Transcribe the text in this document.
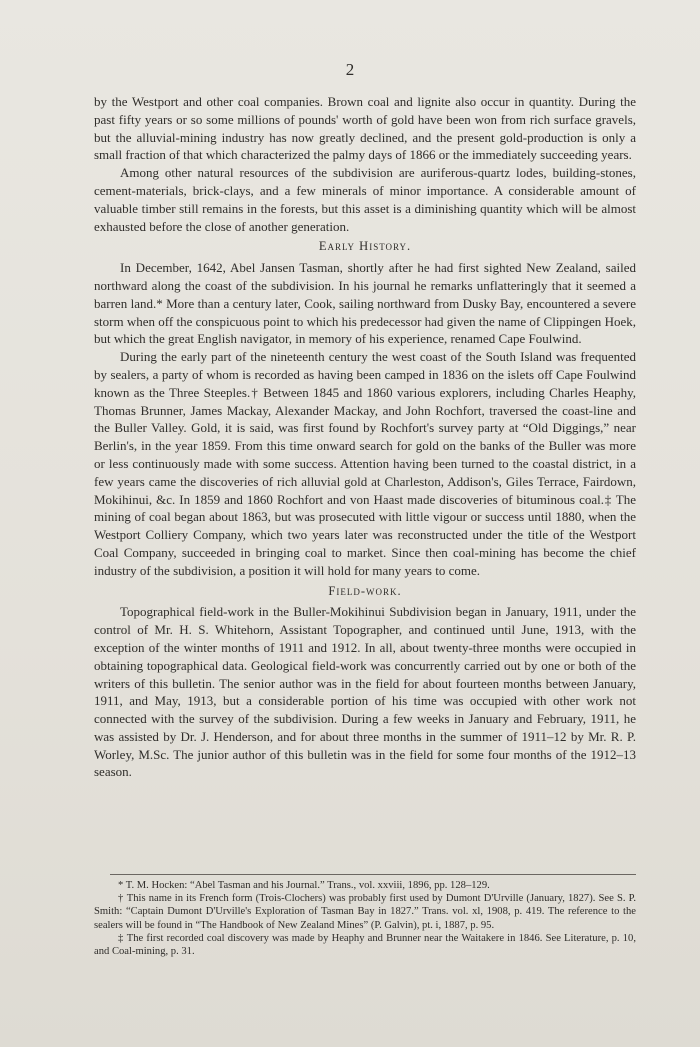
2

by the Westport and other coal companies. Brown coal and lignite also occur in quantity. During the past fifty years or so some millions of pounds' worth of gold have been won from rich surface gravels, but the alluvial-mining industry has now greatly declined, and the present gold-production is only a small fraction of that which characterized the palmy days of 1866 or the immediately succeeding years.

Among other natural resources of the subdivision are auriferous-quartz lodes, building-stones, cement-materials, brick-clays, and a few minerals of minor importance. A considerable amount of valuable timber still remains in the forests, but this asset is a diminishing quantity which will be almost exhausted before the close of another generation.

Early History.

In December, 1642, Abel Jansen Tasman, shortly after he had first sighted New Zealand, sailed northward along the coast of the subdivision. In his journal he remarks unflatteringly that it seemed a barren land.* More than a century later, Cook, sailing northward from Dusky Bay, encountered a severe storm when off the conspicuous point to which his predecessor had given the name of Clippingen Hoek, but which the great English navigator, in memory of his experience, renamed Cape Foulwind.

During the early part of the nineteenth century the west coast of the South Island was frequented by sealers, a party of whom is recorded as having been camped in 1836 on the islets off Cape Foulwind known as the Three Steeples.† Between 1845 and 1860 various explorers, including Charles Heaphy, Thomas Brunner, James Mackay, Alexander Mackay, and John Rochfort, traversed the coast-line and the Buller Valley. Gold, it is said, was first found by Rochfort's survey party at “Old Diggings,” near Berlin's, in the year 1859. From this time onward search for gold on the banks of the Buller was more or less continuously made with some success. Attention having been turned to the coastal district, in a few years came the discoveries of rich alluvial gold at Charleston, Addison's, Giles Terrace, Fairdown, Mokihinui, &c. In 1859 and 1860 Rochfort and von Haast made discoveries of bituminous coal.‡ The mining of coal began about 1863, but was prosecuted with little vigour or success until 1880, when the Westport Colliery Company, which two years later was reconstructed under the title of the Westport Coal Company, succeeded in bringing coal to market. Since then coal-mining has become the chief industry of the subdivision, a position it will hold for many years to come.

Field-work.

Topographical field-work in the Buller-Mokihinui Subdivision began in January, 1911, under the control of Mr. H. S. Whitehorn, Assistant Topographer, and continued until June, 1913, with the exception of the winter months of 1911 and 1912. In all, about twenty-three months were occupied in obtaining topographical data. Geological field-work was concurrently carried out by one or both of the writers of this bulletin. The senior author was in the field for about fourteen months between January, 1911, and May, 1913, but a considerable portion of his time was occupied with other work not connected with the survey of the subdivision. During a few weeks in January and February, 1911, he was assisted by Dr. J. Henderson, and for about three months in the summer of 1911–12 by Mr. R. P. Worley, M.Sc. The junior author of this bulletin was in the field for some four months of the 1912–13 season.

* T. M. Hocken: “Abel Tasman and his Journal.” Trans., vol. xxviii, 1896, pp. 128–129.

† This name in its French form (Trois-Clochers) was probably first used by Dumont D'Urville (January, 1827). See S. P. Smith: “Captain Dumont D'Urville's Exploration of Tasman Bay in 1827.” Trans. vol. xl, 1908, p. 419. The reference to the sealers will be found in “The Handbook of New Zealand Mines” (P. Galvin), pt. i, 1887, p. 95.

‡ The first recorded coal discovery was made by Heaphy and Brunner near the Waitakere in 1846. See Literature, p. 10, and Coal-mining, p. 31.
